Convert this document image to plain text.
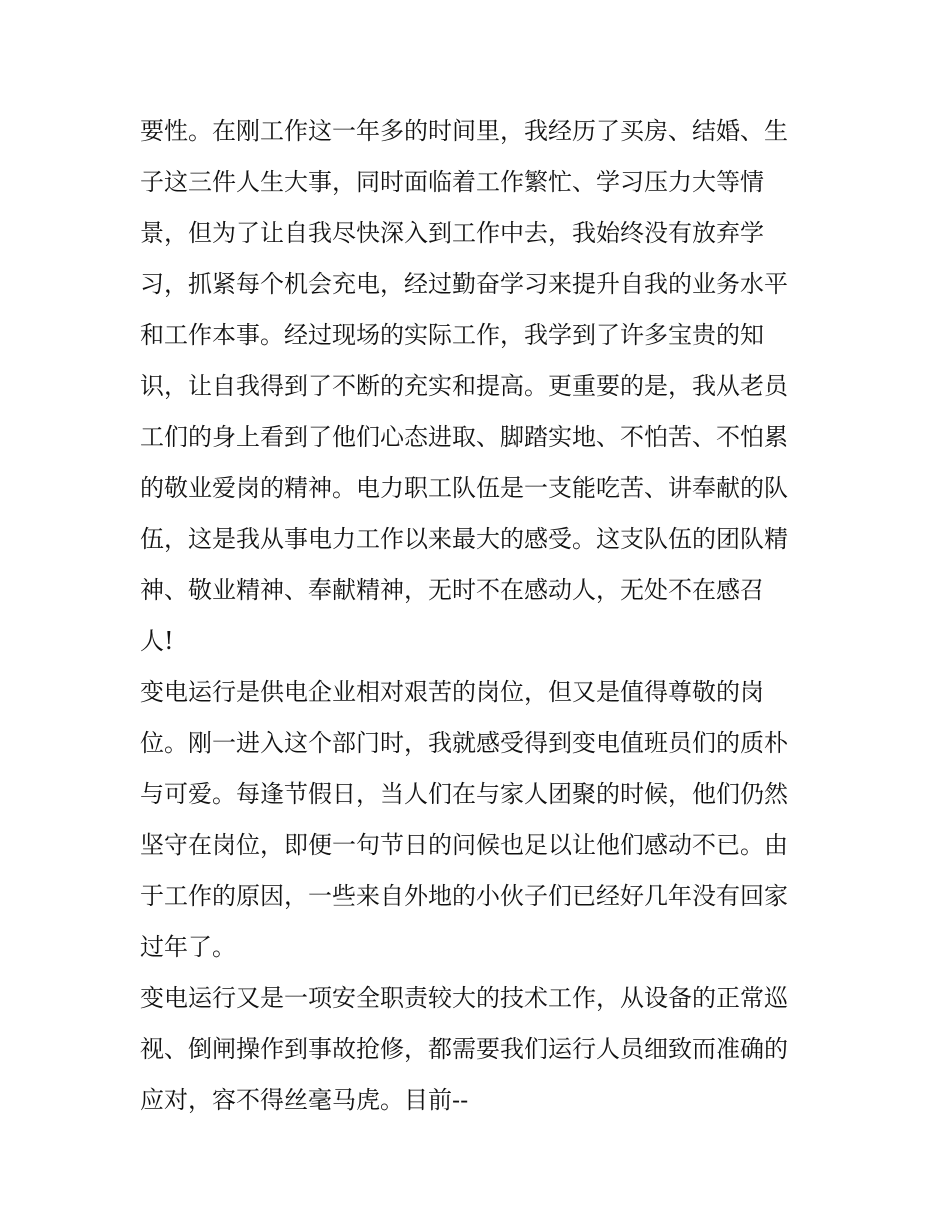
要性。在刚工作这一年多的时间里，我经历了买房、结婚、生
子这三件人生大事，同时面临着工作繁忙、学习压力大等情
景，但为了让自我尽快深入到工作中去，我始终没有放弃学
习，抓紧每个机会充电，经过勤奋学习来提升自我的业务水平
和工作本事。经过现场的实际工作，我学到了许多宝贵的知
识，让自我得到了不断的充实和提高。更重要的是，我从老员
工们的身上看到了他们心态进取、脚踏实地、不怕苦、不怕累
的敬业爱岗的精神。电力职工队伍是一支能吃苦、讲奉献的队
伍，这是我从事电力工作以来最大的感受。这支队伍的团队精
神、敬业精神、奉献精神，无时不在感动人，无处不在感召
人!
变电运行是供电企业相对艰苦的岗位，但又是值得尊敬的岗
位。刚一进入这个部门时，我就感受得到变电值班员们的质朴
与可爱。每逢节假日，当人们在与家人团聚的时候，他们仍然
坚守在岗位，即便一句节日的问候也足以让他们感动不已。由
于工作的原因，一些来自外地的小伙子们已经好几年没有回家
过年了。
变电运行又是一项安全职责较大的技术工作，从设备的正常巡
视、倒闸操作到事故抢修，都需要我们运行人员细致而准确的
应对，容不得丝毫马虎。目前--
